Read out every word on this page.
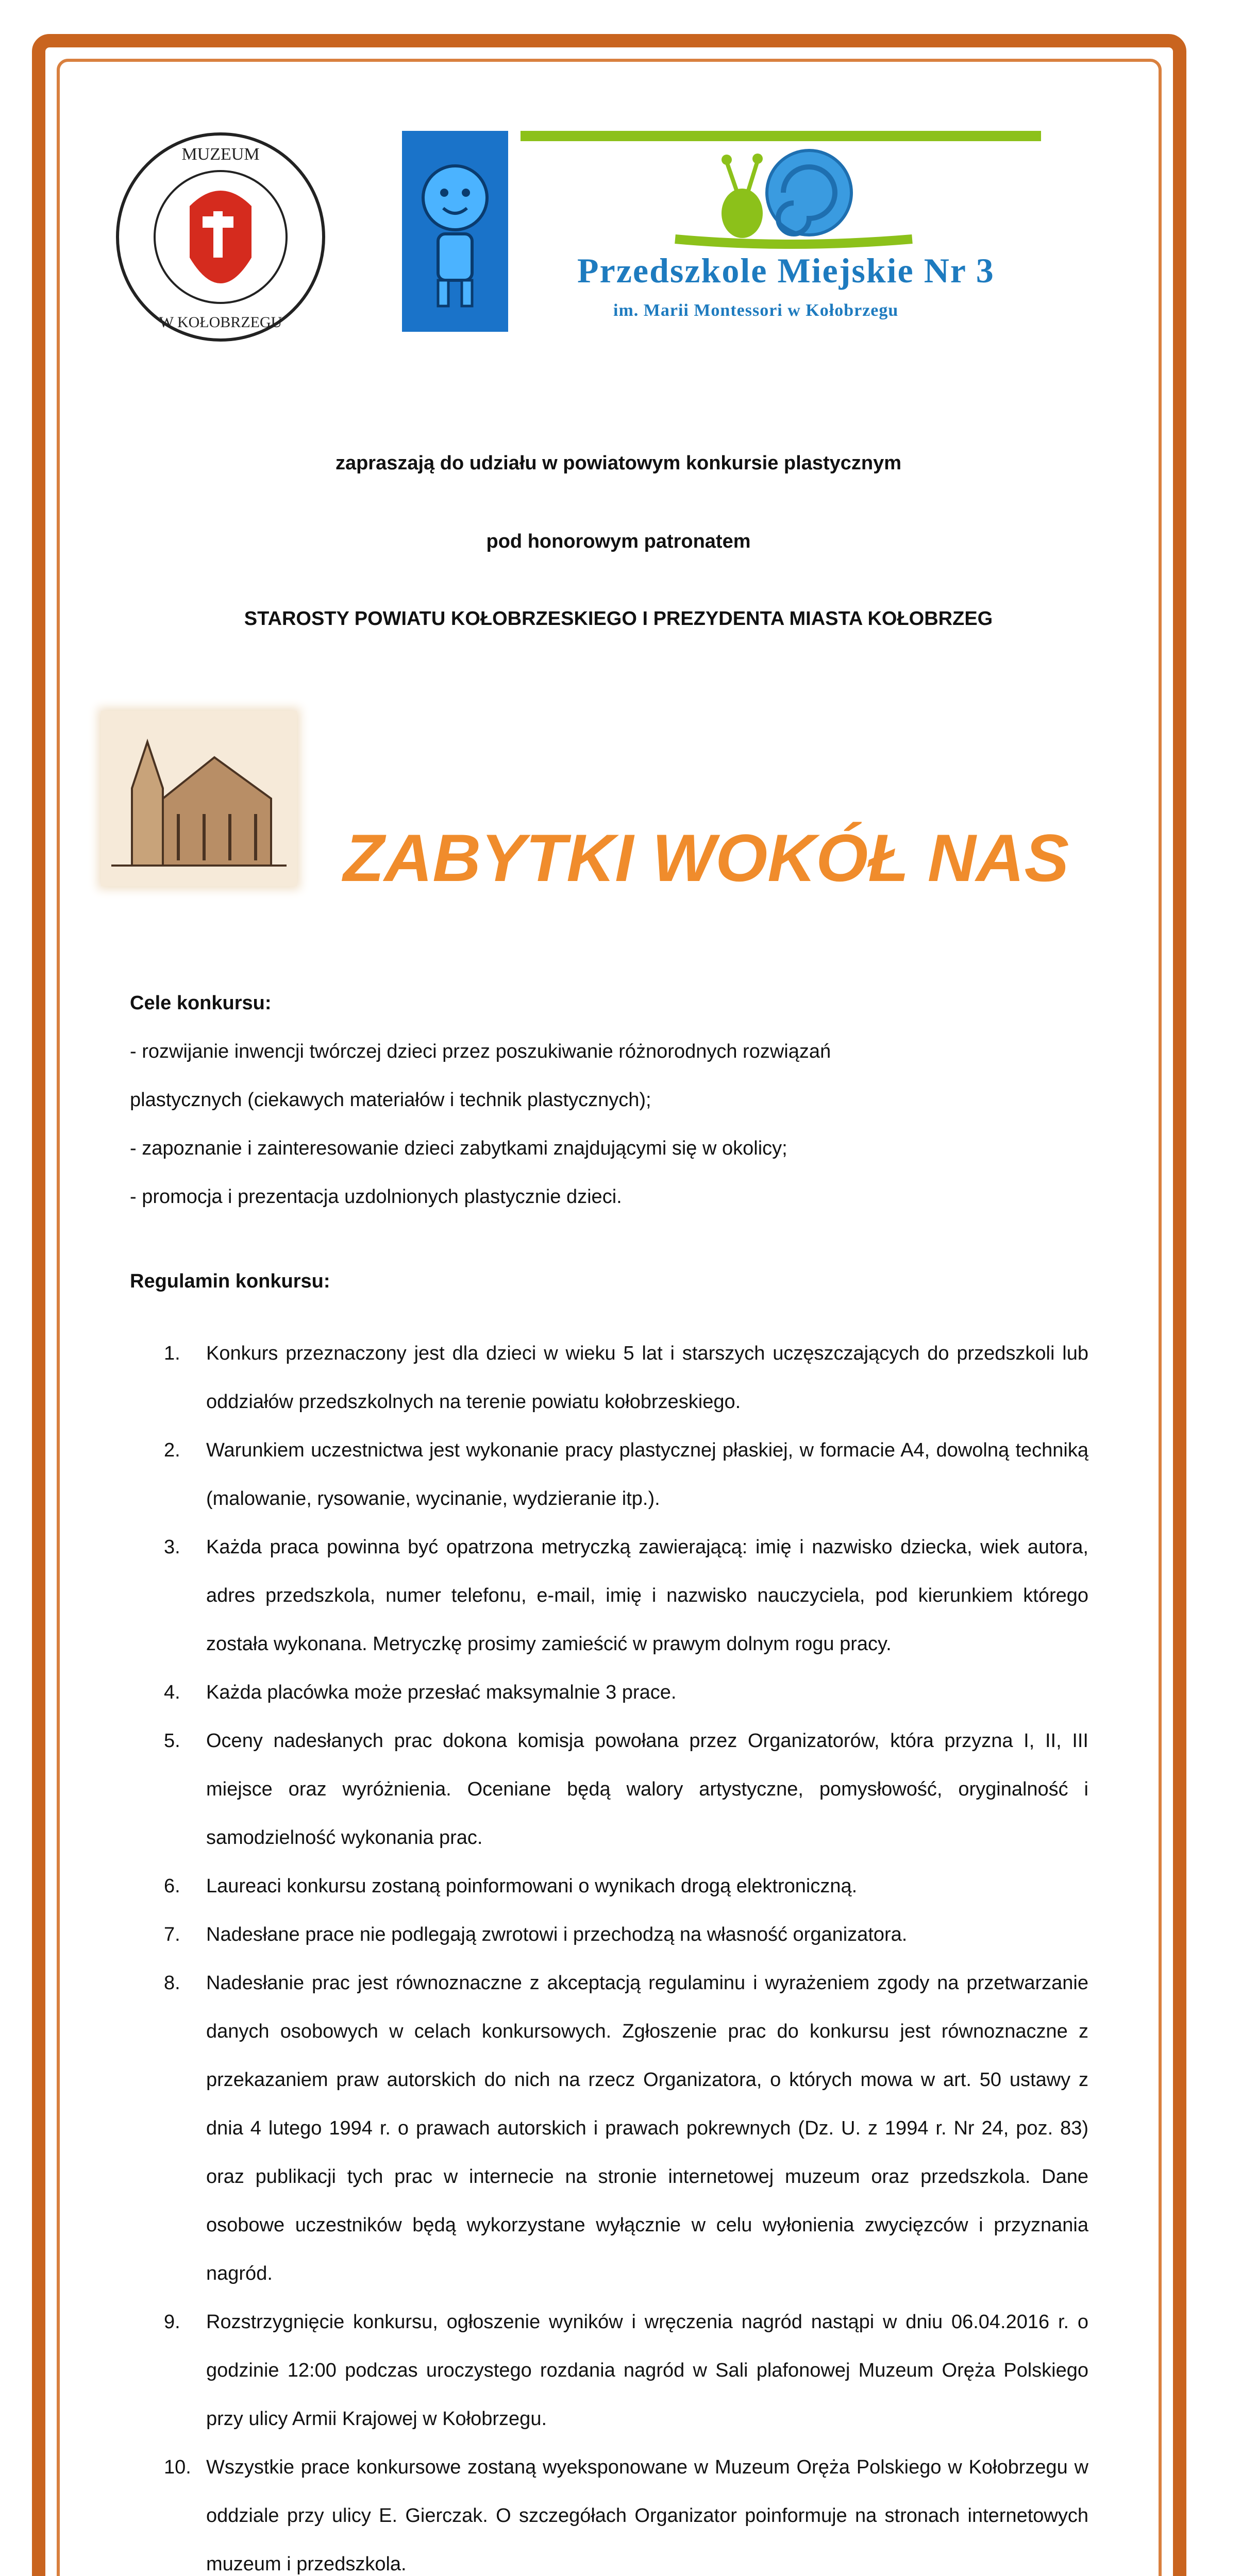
MUZEUM
W KOŁOBRZEGU
Przedszkole Miejskie Nr 3
im. Marii Montessori w Kołobrzegu
zapraszają do udziału w powiatowym konkursie plastycznym
pod honorowym patronatem
STAROSTY POWIATU KOŁOBRZESKIEGO I PREZYDENTA MIASTA KOŁOBRZEG
ZABYTKI WOKÓŁ NAS
Cele konkursu:
- rozwijanie inwencji twórczej dzieci przez poszukiwanie różnorodnych rozwiązań
plastycznych (ciekawych materiałów i technik plastycznych);
- zapoznanie i zainteresowanie dzieci zabytkami znajdującymi się w okolicy;
- promocja i prezentacja uzdolnionych plastycznie dzieci.
Regulamin konkursu:
1. Konkurs przeznaczony jest dla dzieci w wieku 5 lat i starszych uczęszczających do przedszkoli lub oddziałów przedszkolnych na terenie powiatu kołobrzeskiego.
2. Warunkiem uczestnictwa jest wykonanie pracy plastycznej płaskiej, w formacie A4, dowolną techniką (malowanie, rysowanie, wycinanie, wydzieranie itp.).
3. Każda praca powinna być opatrzona metryczką zawierającą: imię i nazwisko dziecka, wiek autora, adres przedszkola, numer telefonu, e-mail, imię i nazwisko nauczyciela, pod kierunkiem którego została wykonana. Metryczkę prosimy zamieścić w prawym dolnym rogu pracy.
4. Każda placówka może przesłać maksymalnie 3 prace.
5. Oceny nadesłanych prac dokona komisja powołana przez Organizatorów, która przyzna I, II, III miejsce oraz wyróżnienia. Oceniane będą walory artystyczne, pomysłowość, oryginalność i samodzielność wykonania prac.
6. Laureaci konkursu zostaną poinformowani o wynikach drogą elektroniczną.
7. Nadesłane prace nie podlegają zwrotowi i przechodzą na własność organizatora.
8. Nadesłanie prac jest równoznaczne z akceptacją regulaminu i wyrażeniem zgody na przetwarzanie danych osobowych w celach konkursowych. Zgłoszenie prac do konkursu jest równoznaczne z przekazaniem praw autorskich do nich na rzecz Organizatora, o których mowa w art. 50 ustawy z dnia 4 lutego 1994 r. o prawach autorskich i prawach pokrewnych (Dz. U. z 1994 r. Nr 24, poz. 83) oraz publikacji tych prac w internecie na stronie internetowej muzeum oraz przedszkola. Dane osobowe uczestników będą wykorzystane wyłącznie w celu wyłonienia zwycięzców i przyznania nagród.
9. Rozstrzygnięcie konkursu, ogłoszenie wyników i wręczenia nagród nastąpi w dniu 06.04.2016 r. o godzinie 12:00 podczas uroczystego rozdania nagród w Sali plafonowej Muzeum Oręża Polskiego przy ulicy Armii Krajowej w Kołobrzegu.
10. Wszystkie prace konkursowe zostaną wyeksponowane w Muzeum Oręża Polskiego w Kołobrzegu w oddziale przy ulicy E. Gierczak. O szczegółach Organizator poinformuje na stronach internetowych muzeum i przedszkola.
